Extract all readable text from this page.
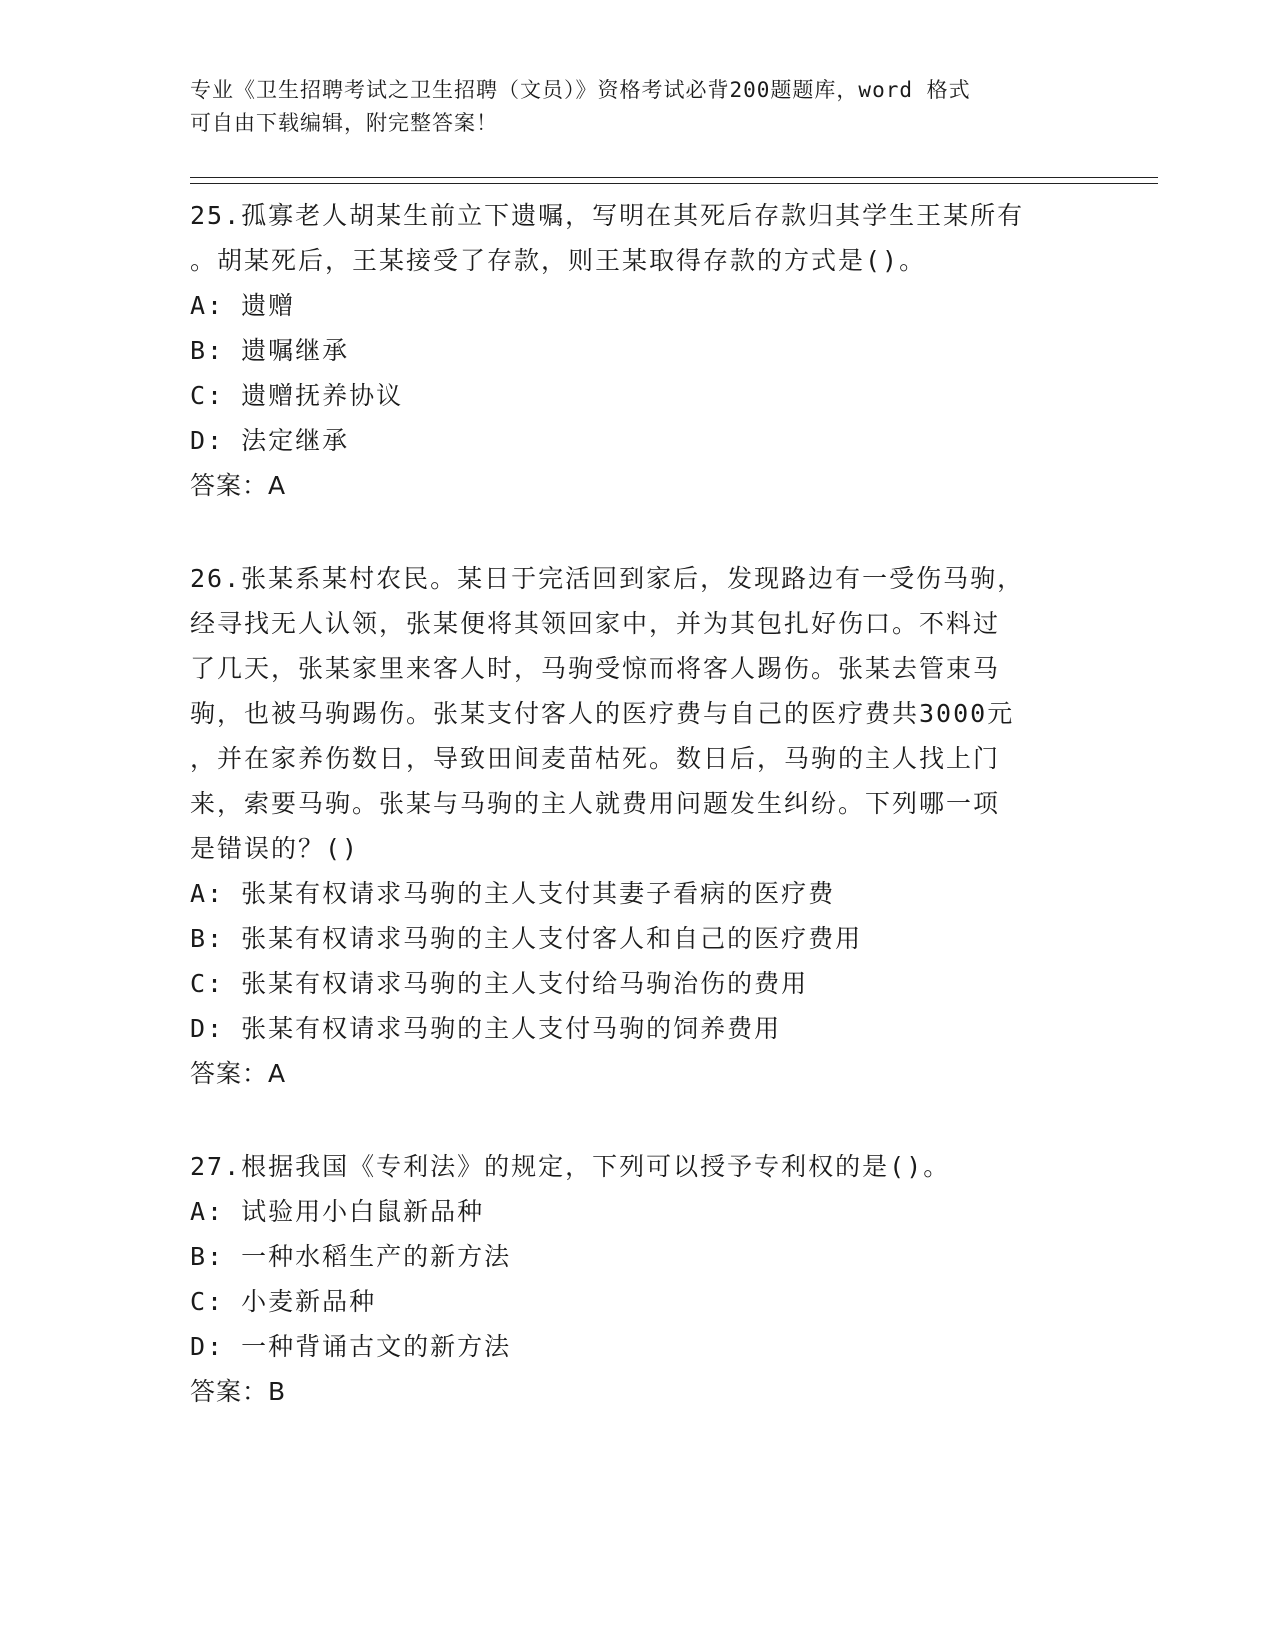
专业《卫生招聘考试之卫生招聘（文员）》资格考试必背200题题库，word 格式
可自由下载编辑，附完整答案！

25.孤寡老人胡某生前立下遗嘱，写明在其死后存款归其学生王某所有

。胡某死后，王某接受了存款，则王某取得存款的方式是()。

A: 遗赠

B: 遗嘱继承

C: 遗赠抚养协议

D: 法定继承

答案：A

26.张某系某村农民。某日于完活回到家后，发现路边有一受伤马驹，

经寻找无人认领，张某便将其领回家中，并为其包扎好伤口。不料过

了几天，张某家里来客人时，马驹受惊而将客人踢伤。张某去管束马

驹，也被马驹踢伤。张某支付客人的医疗费与自己的医疗费共3000元

，并在家养伤数日，导致田间麦苗枯死。数日后，马驹的主人找上门

来，索要马驹。张某与马驹的主人就费用问题发生纠纷。下列哪一项

是错误的？()

A: 张某有权请求马驹的主人支付其妻子看病的医疗费

B: 张某有权请求马驹的主人支付客人和自己的医疗费用

C: 张某有权请求马驹的主人支付给马驹治伤的费用

D: 张某有权请求马驹的主人支付马驹的饲养费用

答案：A

27.根据我国《专利法》的规定，下列可以授予专利权的是()。

A: 试验用小白鼠新品种

B: 一种水稻生产的新方法

C: 小麦新品种

D: 一种背诵古文的新方法

答案：B
